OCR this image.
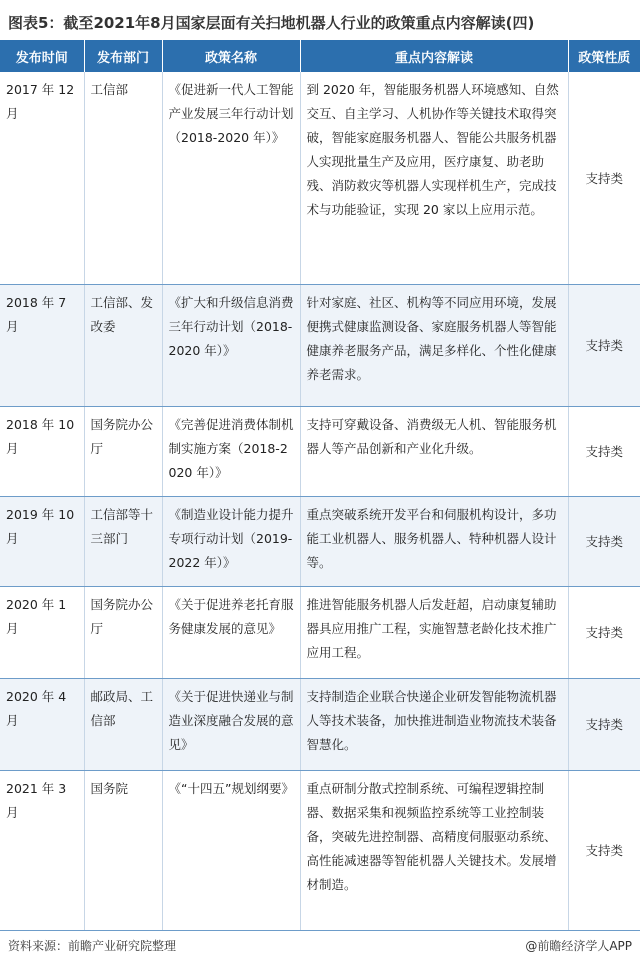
图表5：截至2021年8月国家层面有关扫地机器人行业的政策重点内容解读(四)
发布时间	发布部门	政策名称	重点内容解读	政策性质
2017 年 12 月	工信部	《促进新一代人工智能产业发展三年行动计划（2018-2020 年）》	到 2020 年，智能服务机器人环境感知、自然交互、自主学习、人机协作等关键技术取得突破，智能家庭服务机器人、智能公共服务机器人实现批量生产及应用，医疗康复、助老助残、消防救灾等机器人实现样机生产，完成技术与功能验证，实现 20 家以上应用示范。	支持类
2018 年 7 月	工信部、发改委	《扩大和升级信息消费三年行动计划（2018-2020 年）》	针对家庭、社区、机构等不同应用环境，发展便携式健康监测设备、家庭服务机器人等智能健康养老服务产品，满足多样化、个性化健康养老需求。	支持类
2018 年 10 月	国务院办公厅	《完善促进消费体制机制实施方案（2018-2020 年）》	支持可穿戴设备、消费级无人机、智能服务机器人等产品创新和产业化升级。	支持类
2019 年 10 月	工信部等十三部门	《制造业设计能力提升专项行动计划（2019-2022 年）》	重点突破系统开发平台和伺服机构设计，多功能工业机器人、服务机器人、特种机器人设计等。	支持类
2020 年 1 月	国务院办公厅	《关于促进养老托育服务健康发展的意见》	推进智能服务机器人后发赶超，启动康复辅助器具应用推广工程，实施智慧老龄化技术推广应用工程。	支持类
2020 年 4 月	邮政局、工信部	《关于促进快递业与制造业深度融合发展的意见》	支持制造企业联合快递企业研发智能物流机器人等技术装备，加快推进制造业物流技术装备智慧化。	支持类
2021 年 3 月	国务院	《“十四五”规划纲要》	重点研制分散式控制系统、可编程逻辑控制器、数据采集和视频监控系统等工业控制装备，突破先进控制器、高精度伺服驱动系统、高性能减速器等智能机器人关键技术。发展增材制造。	支持类
资料来源：前瞻产业研究院整理	@前瞻经济学人APP
